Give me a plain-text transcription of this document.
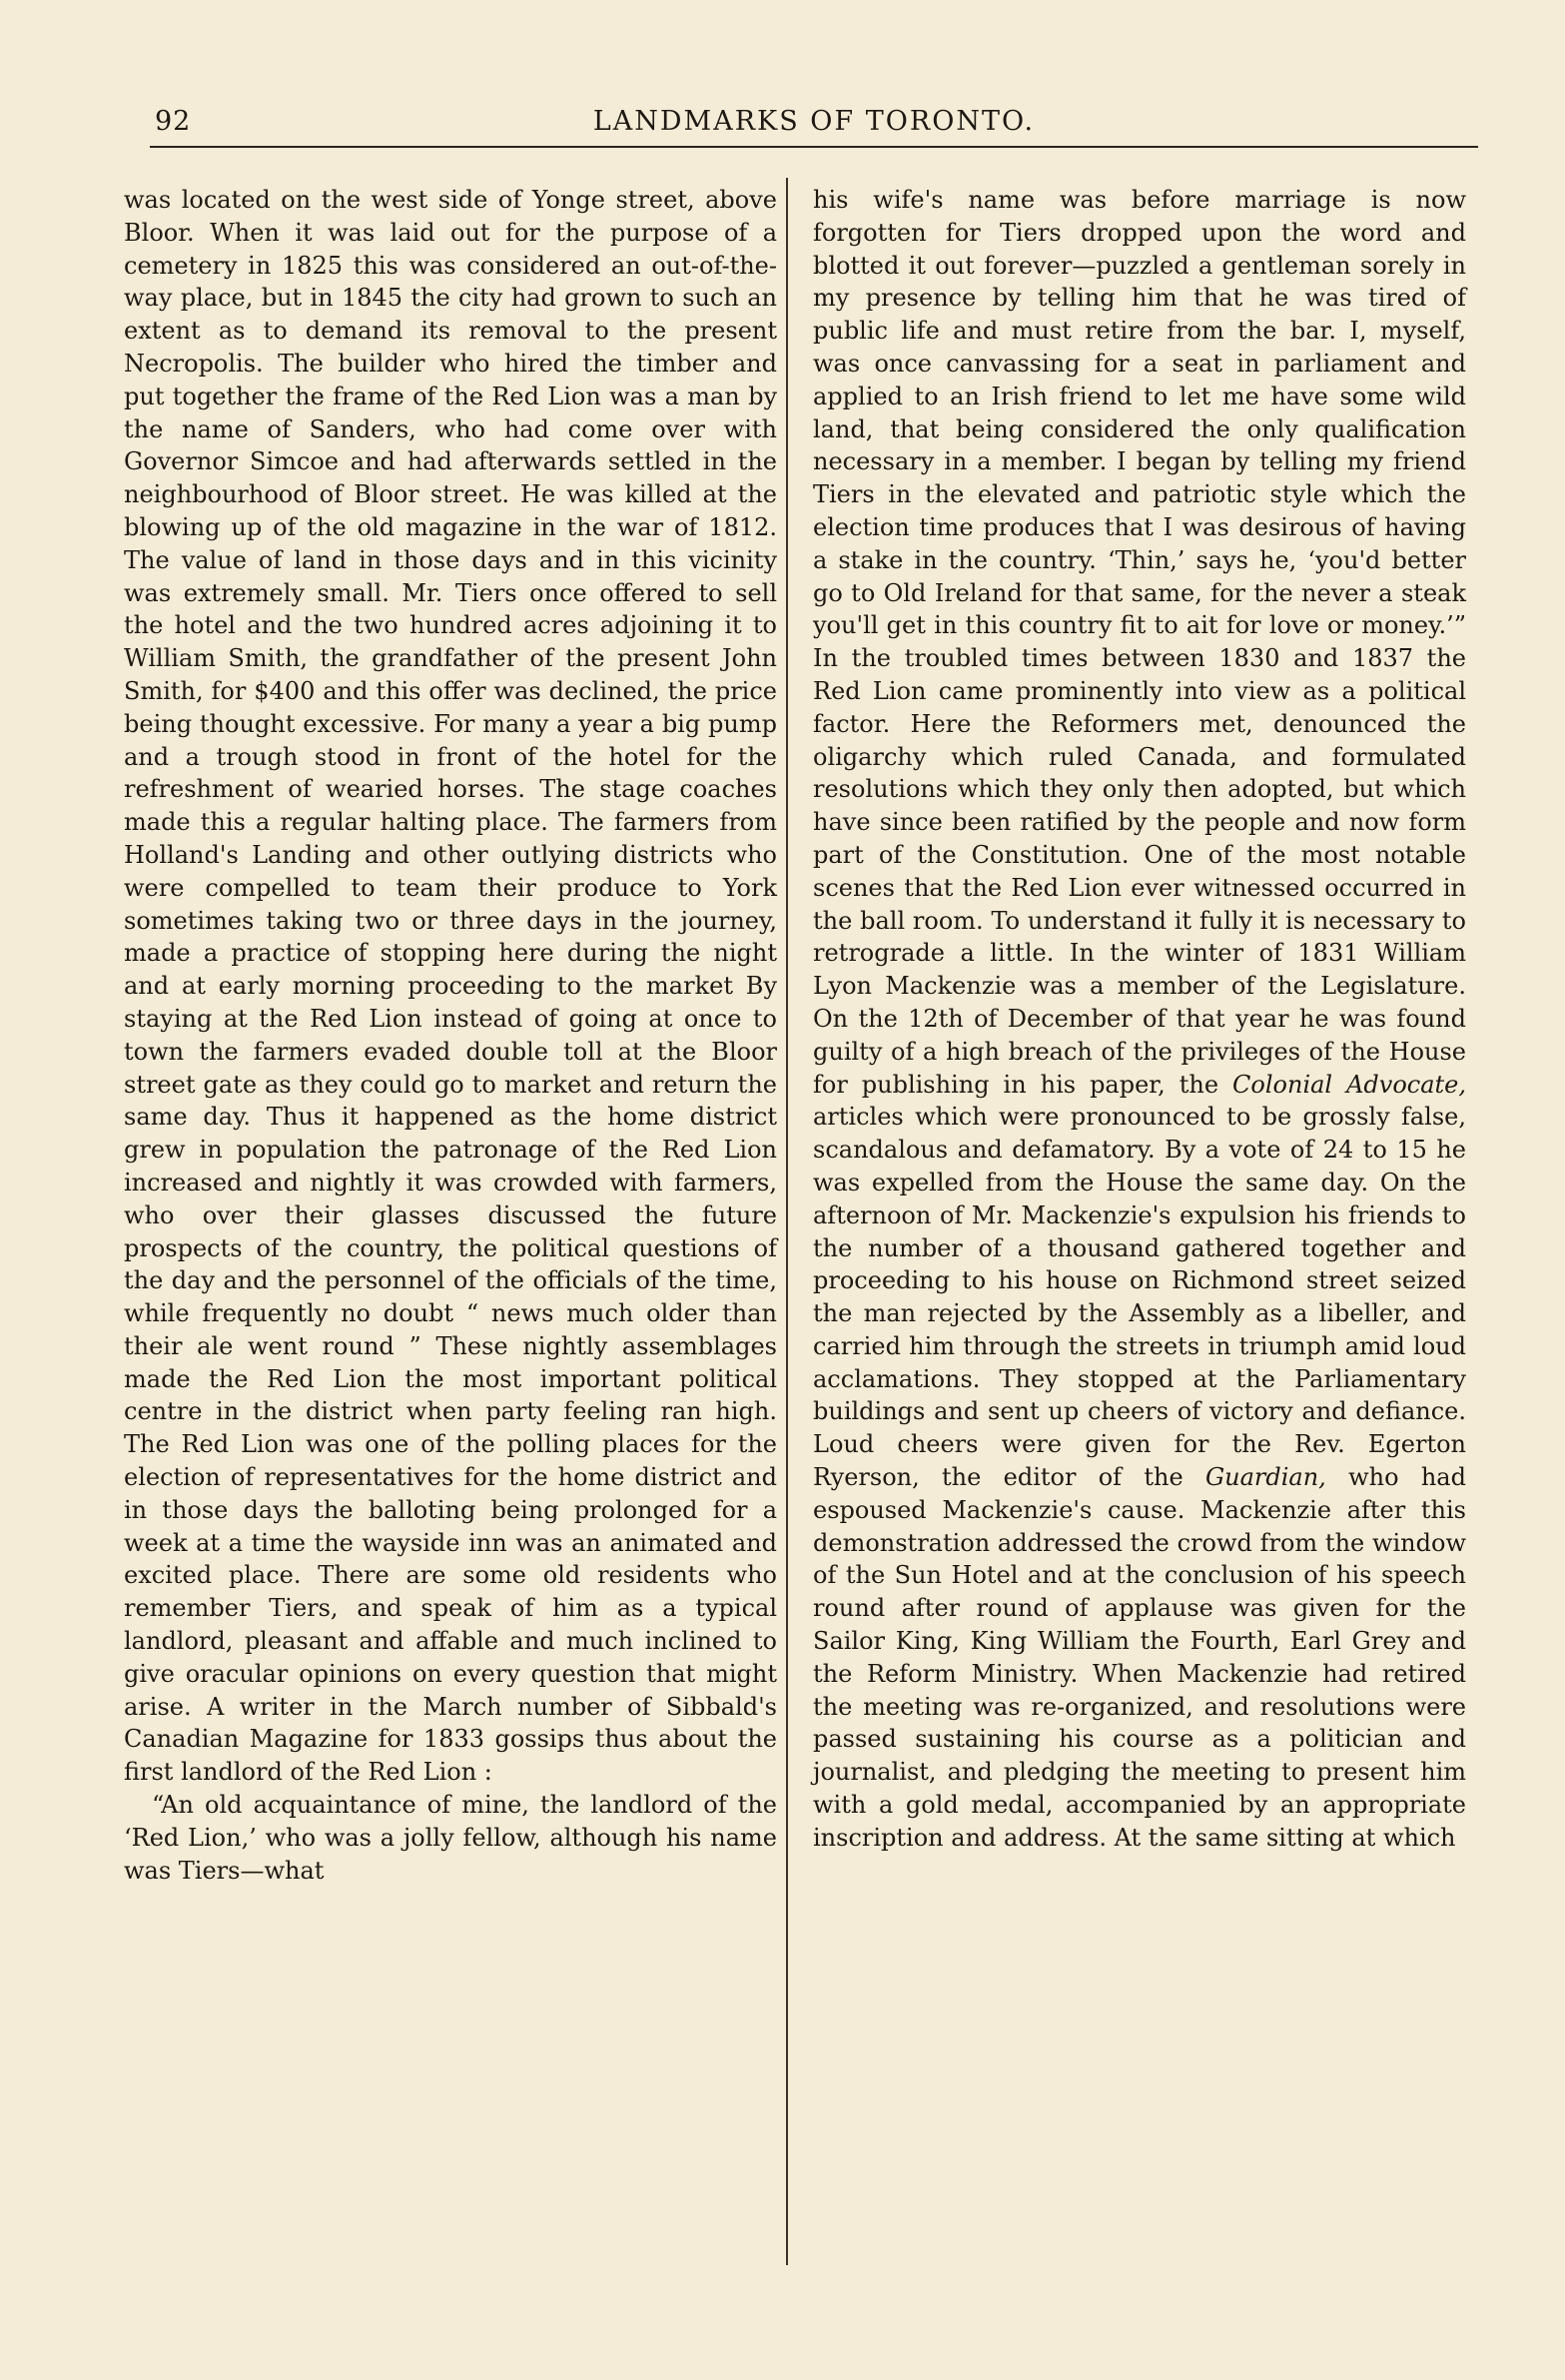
92	LANDMARKS OF TORONTO.

was located on the west side of Yonge street, above Bloor. When it was laid out for the purpose of a cemetery in 1825 this was considered an out-of-the-way place, but in 1845 the city had grown to such an extent as to demand its removal to the present Necropolis. The builder who hired the timber and put together the frame of the Red Lion was a man by the name of Sanders, who had come over with Governor Simcoe and had afterwards settled in the neighbourhood of Bloor street. He was killed at the blowing up of the old magazine in the war of 1812. The value of land in those days and in this vicinity was extremely small. Mr. Tiers once offered to sell the hotel and the two hundred acres adjoining it to William Smith, the grandfather of the present John Smith, for $400 and this offer was declined, the price being thought excessive. For many a year a big pump and a trough stood in front of the hotel for the refreshment of wearied horses. The stage coaches made this a regular halting place. The farmers from Holland's Landing and other outlying districts who were compelled to team their produce to York sometimes taking two or three days in the journey, made a practice of stopping here during the night and at early morning proceeding to the market By staying at the Red Lion instead of going at once to town the farmers evaded double toll at the Bloor street gate as they could go to market and return the same day. Thus it happened as the home district grew in population the patronage of the Red Lion increased and nightly it was crowded with farmers, who over their glasses discussed the future prospects of the country, the political questions of the day and the personnel of the officials of the time, while frequently no doubt “ news much older than their ale went round ” These nightly assemblages made the Red Lion the most important political centre in the district when party feeling ran high. The Red Lion was one of the polling places for the election of representatives for the home district and in those days the balloting being prolonged for a week at a time the wayside inn was an animated and excited place. There are some old residents who remember Tiers, and speak of him as a typical landlord, pleasant and affable and much inclined to give oracular opinions on every question that might arise. A writer in the March number of Sibbald's Canadian Magazine for 1833 gossips thus about the first landlord of the Red Lion :

“An old acquaintance of mine, the landlord of the ‘Red Lion,’ who was a jolly fellow, although his name was Tiers—what

his wife's name was before marriage is now forgotten for Tiers dropped upon the word and blotted it out forever—puzzled a gentleman sorely in my presence by telling him that he was tired of public life and must retire from the bar. I, myself, was once canvassing for a seat in parliament and applied to an Irish friend to let me have some wild land, that being considered the only qualification necessary in a member. I began by telling my friend Tiers in the elevated and patriotic style which the election time produces that I was desirous of having a stake in the country. ‘Thin,’ says he, ‘you'd better go to Old Ireland for that same, for the never a steak you'll get in this country fit to ait for love or money.’” In the troubled times between 1830 and 1837 the Red Lion came prominently into view as a political factor. Here the Reformers met, denounced the oligarchy which ruled Canada, and formulated resolutions which they only then adopted, but which have since been ratified by the people and now form part of the Constitution. One of the most notable scenes that the Red Lion ever witnessed occurred in the ball room. To understand it fully it is necessary to retrograde a little. In the winter of 1831 William Lyon Mackenzie was a member of the Legislature. On the 12th of December of that year he was found guilty of a high breach of the privileges of the House for publishing in his paper, the Colonial Advocate, articles which were pronounced to be grossly false, scandalous and defamatory. By a vote of 24 to 15 he was expelled from the House the same day. On the afternoon of Mr. Mackenzie's expulsion his friends to the number of a thousand gathered together and proceeding to his house on Richmond street seized the man rejected by the Assembly as a libeller, and carried him through the streets in triumph amid loud acclamations. They stopped at the Parliamentary buildings and sent up cheers of victory and defiance. Loud cheers were given for the Rev. Egerton Ryerson, the editor of the Guardian, who had espoused Mackenzie's cause. Mackenzie after this demonstration addressed the crowd from the window of the Sun Hotel and at the conclusion of his speech round after round of applause was given for the Sailor King, King William the Fourth, Earl Grey and the Reform Ministry. When Mackenzie had retired the meeting was re-organized, and resolutions were passed sustaining his course as a politician and journalist, and pledging the meeting to present him with a gold medal, accompanied by an appropriate inscription and address. At the same sitting at which
